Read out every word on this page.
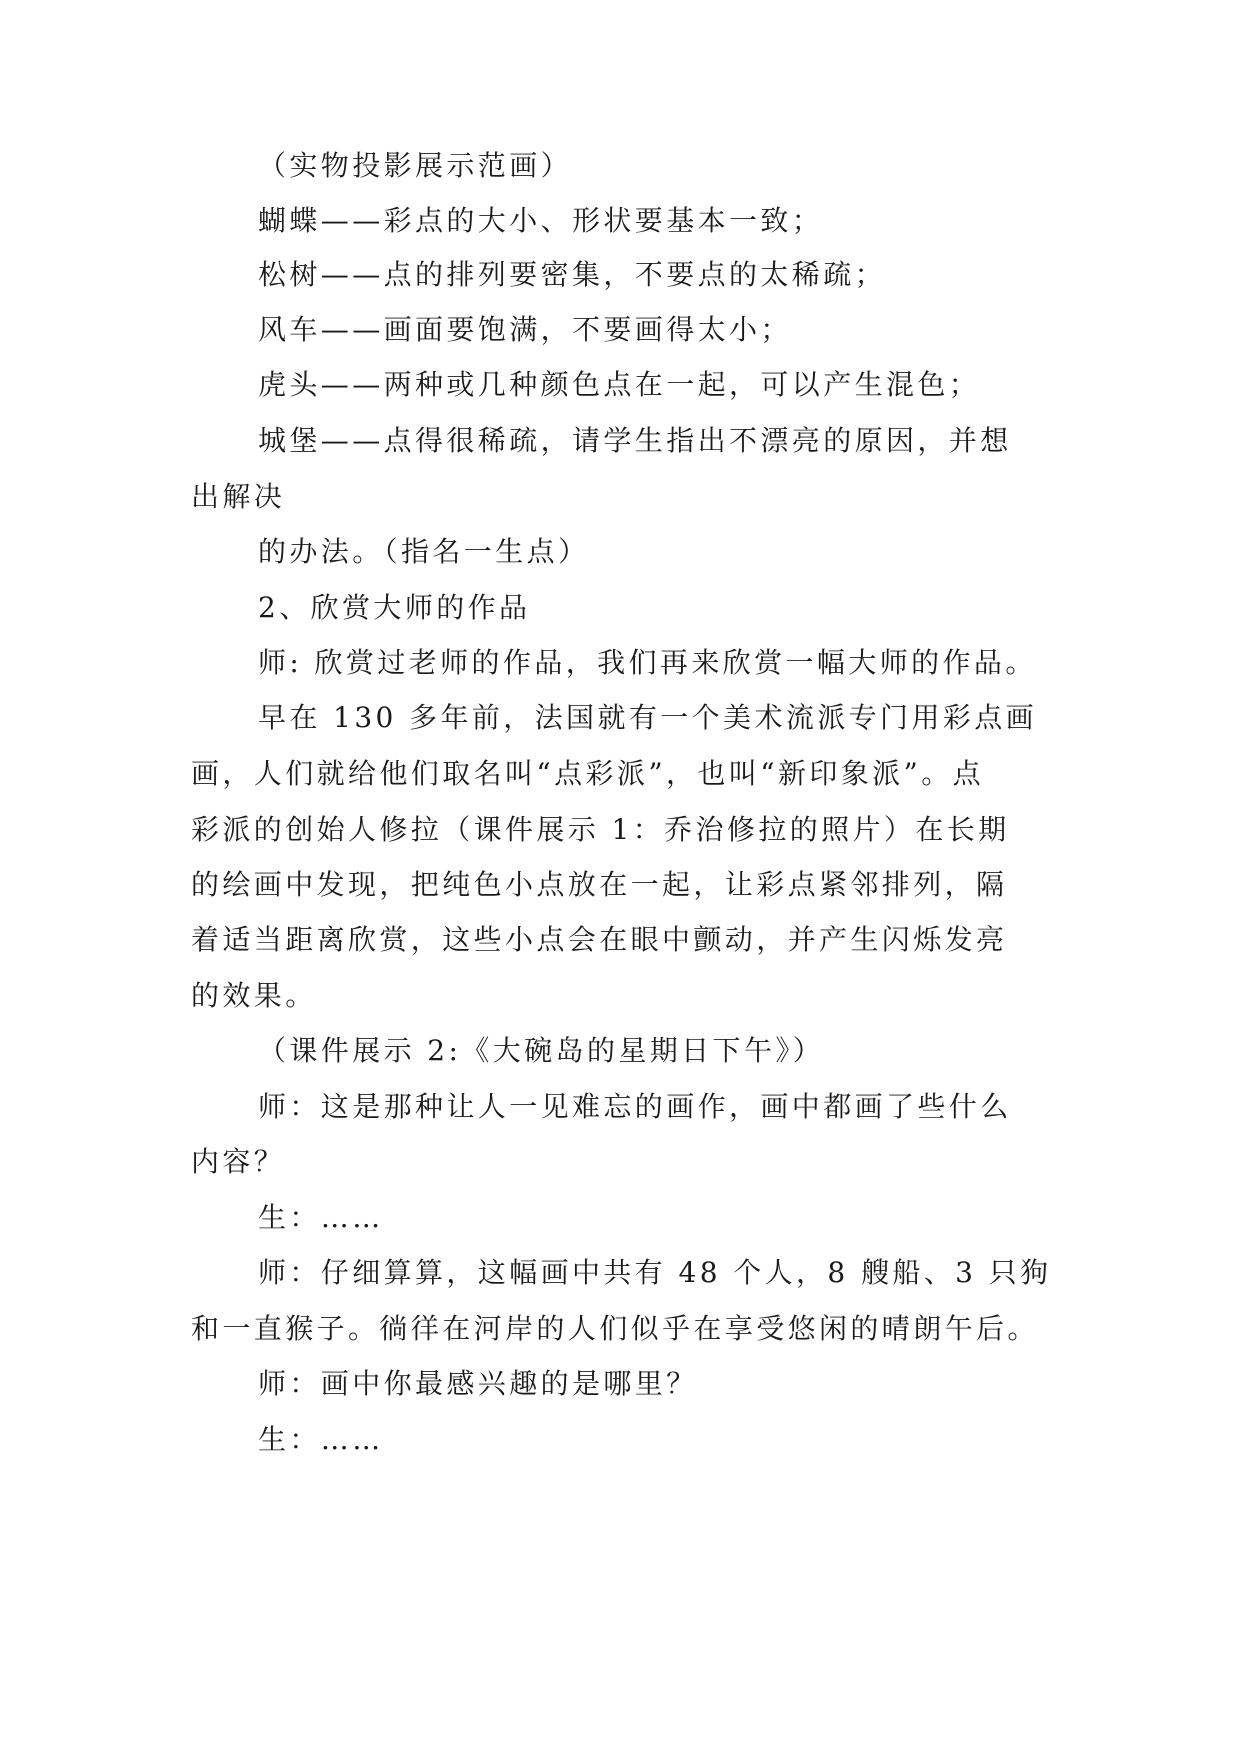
（实物投影展示范画）
蝴蝶——彩点的大小、形状要基本一致；
松树——点的排列要密集，不要点的太稀疏；
风车——画面要饱满，不要画得太小；
虎头——两种或几种颜色点在一起，可以产生混色；
城堡——点得很稀疏，请学生指出不漂亮的原因，并想
出解决
的办法。（指名一生点）
2、欣赏大师的作品
师: 欣赏过老师的作品，我们再来欣赏一幅大师的作品。
早在 130 多年前，法国就有一个美术流派专门用彩点画
画，人们就给他们取名叫“点彩派”，也叫“新印象派”。点
彩派的创始人修拉（课件展示 1：乔治修拉的照片）在长期
的绘画中发现，把纯色小点放在一起，让彩点紧邻排列，隔
着适当距离欣赏，这些小点会在眼中颤动，并产生闪烁发亮
的效果。
（课件展示 2:《大碗岛的星期日下午》）
师：这是那种让人一见难忘的画作，画中都画了些什么
内容？
生：……
师：仔细算算，这幅画中共有 48 个人，8 艘船、3 只狗
和一直猴子。徜徉在河岸的人们似乎在享受悠闲的晴朗午后。
师：画中你最感兴趣的是哪里？
生：……
